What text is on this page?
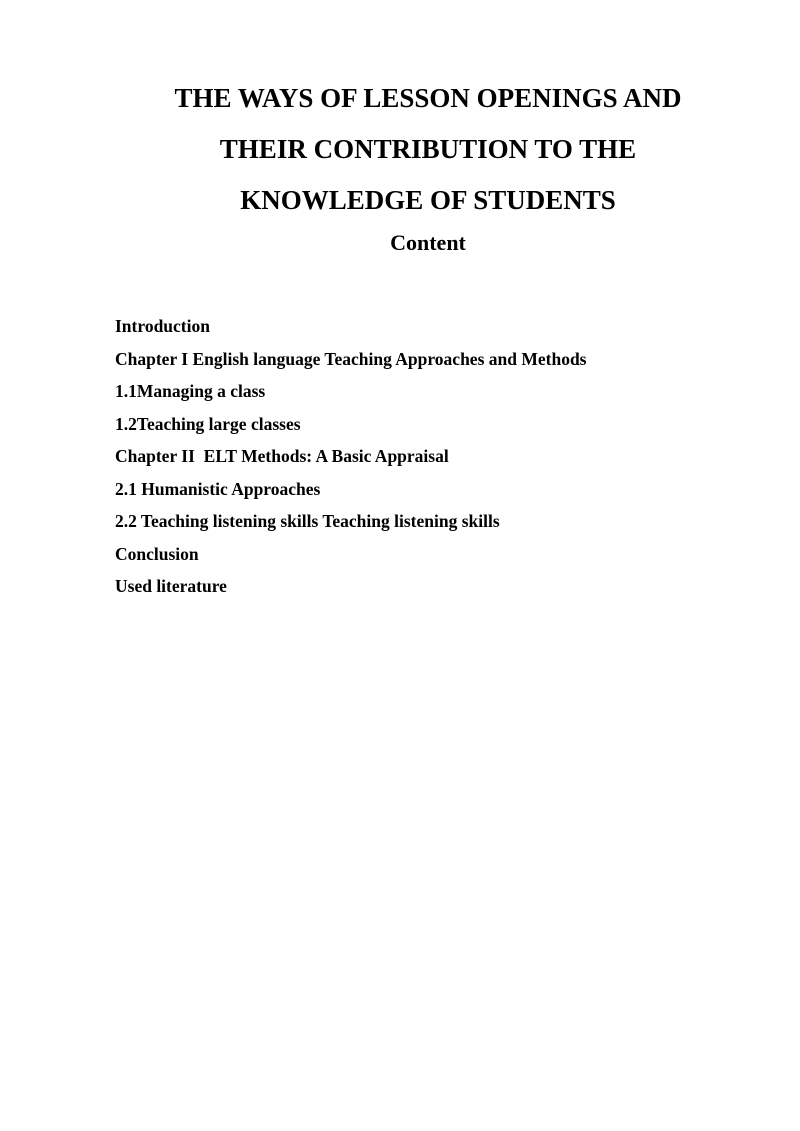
THE WAYS OF LESSON OPENINGS AND
THEIR CONTRIBUTION TO THE
KNOWLEDGE OF STUDENTS
Content
Introduction
Chapter I English language Teaching Approaches and Methods
1.1Managing a class
1.2Teaching large classes
Chapter II  ELT Methods: A Basic Appraisal
2.1 Humanistic Approaches
2.2 Teaching listening skills Teaching listening skills
Conclusion
Used literature
